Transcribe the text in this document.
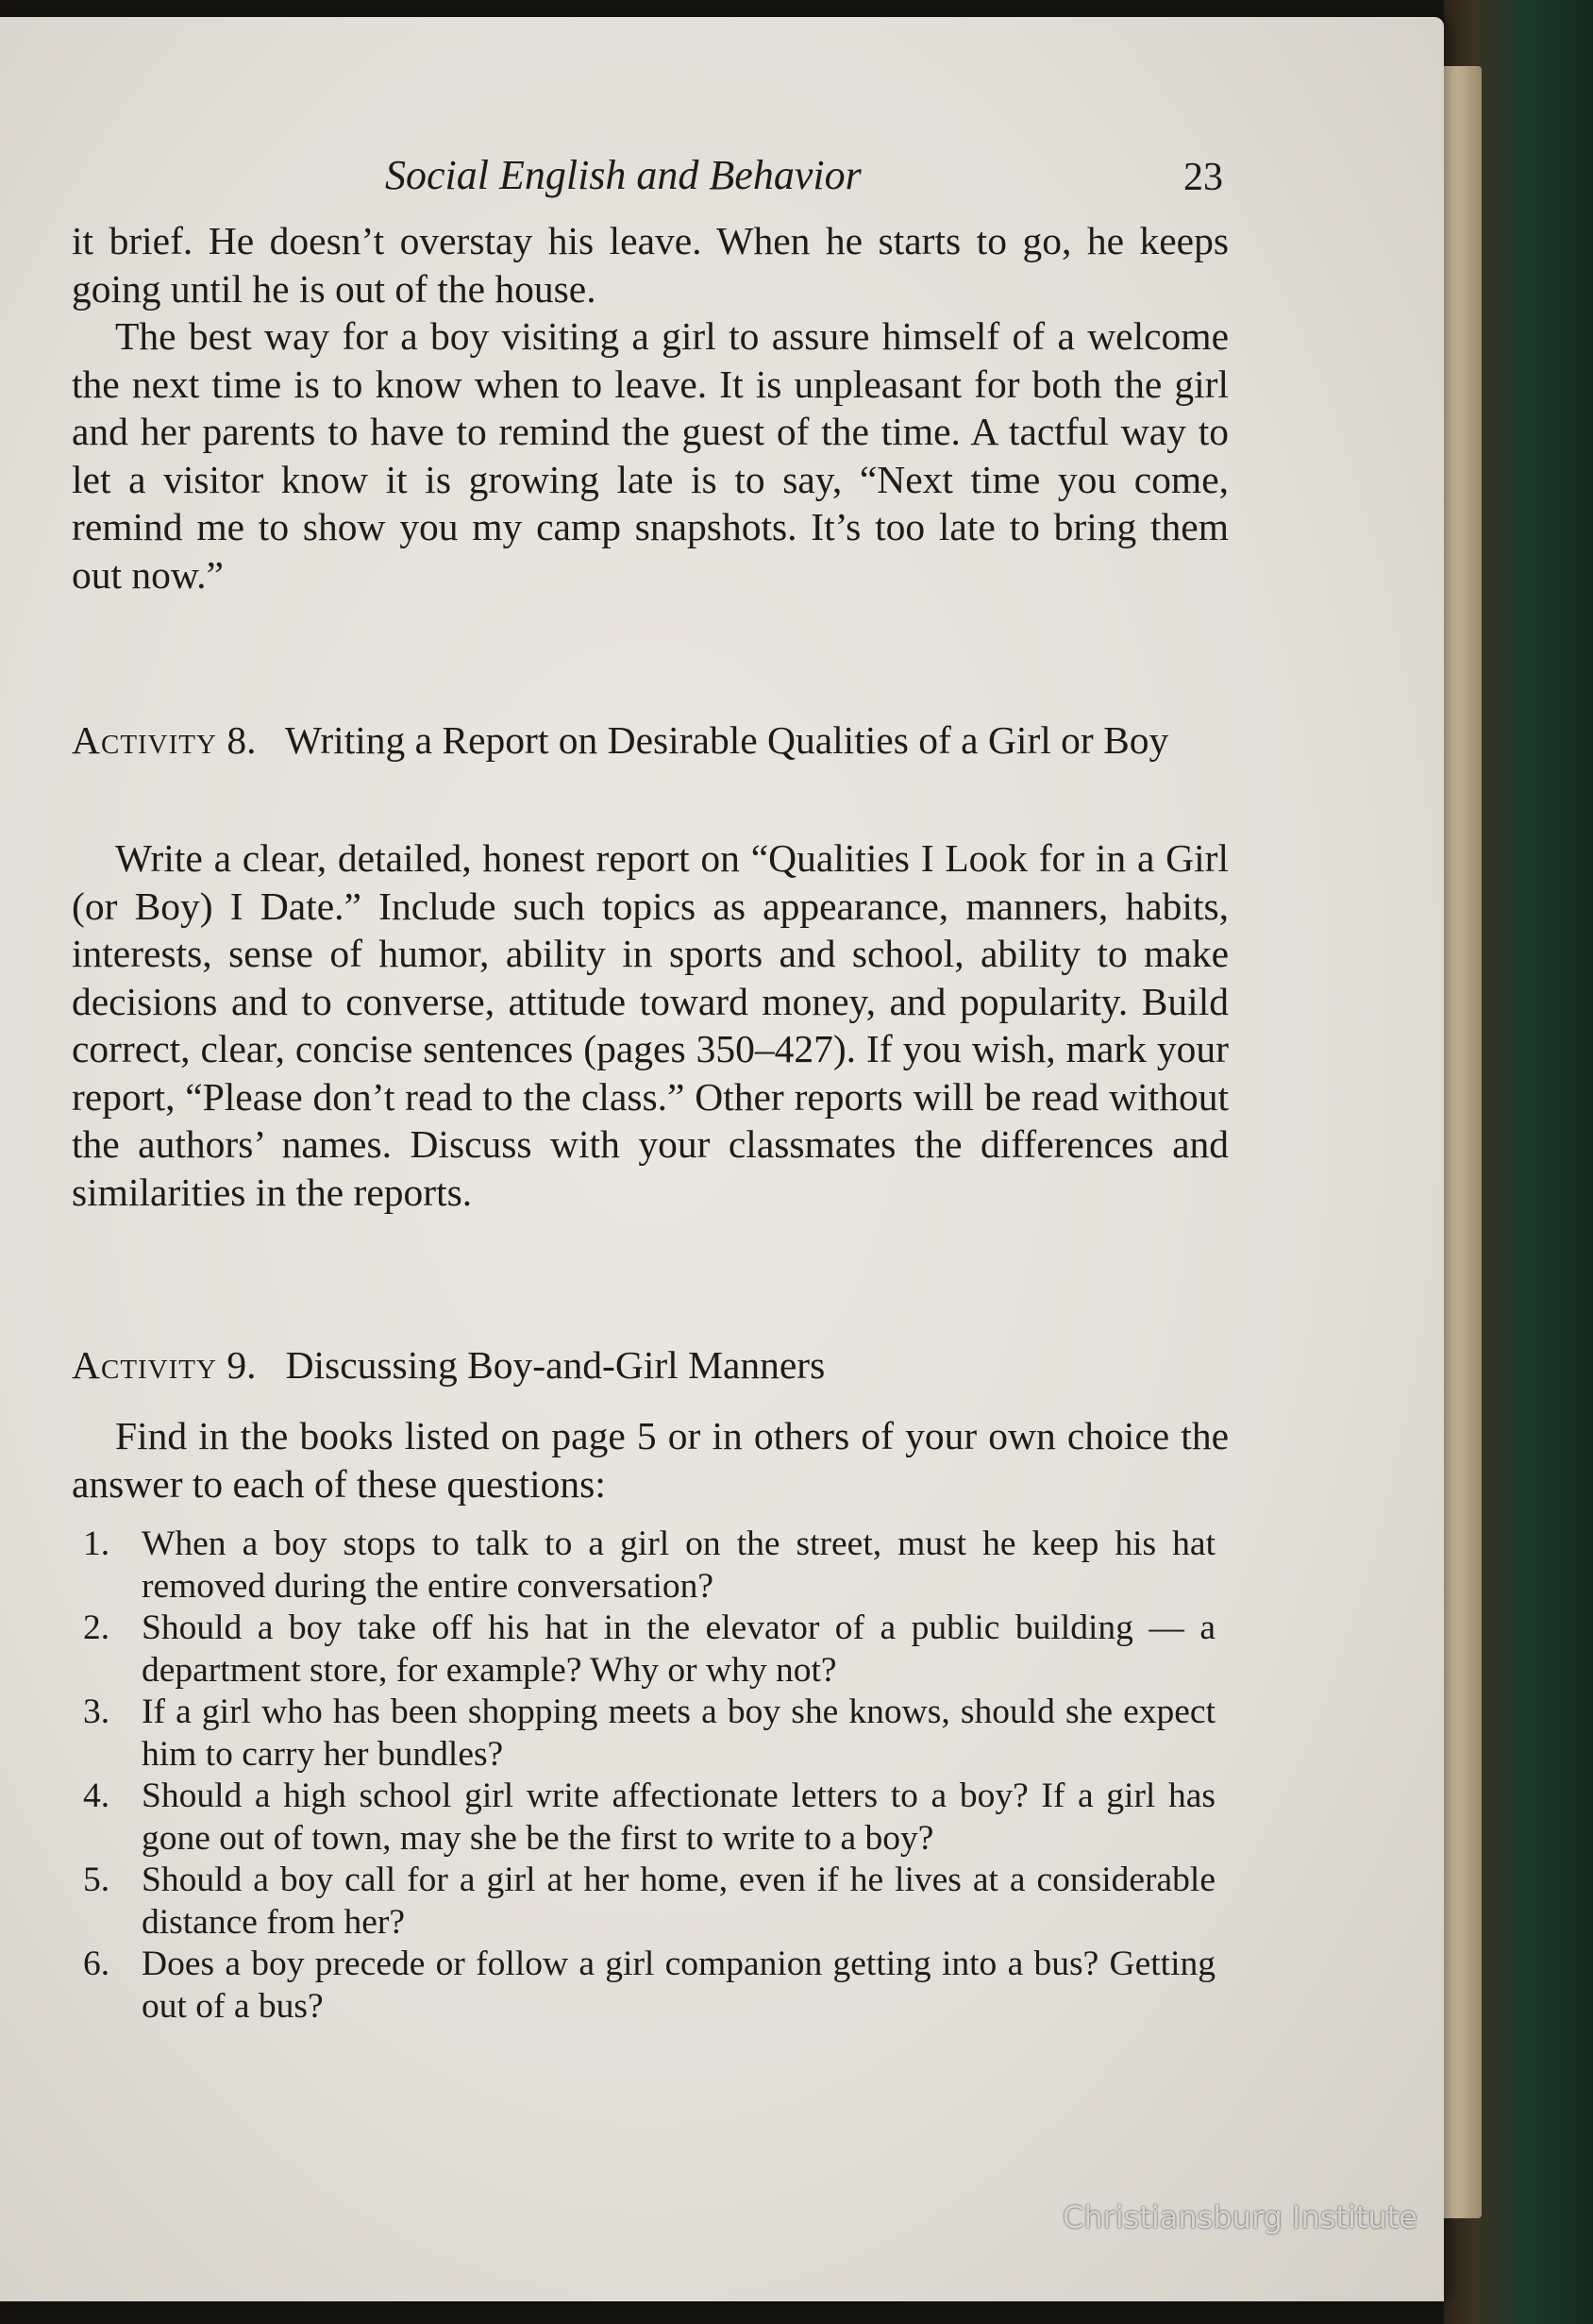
Social English and Behavior	23

it brief. He doesn’t overstay his leave. When he starts to go, he keeps going until he is out of the house.

The best way for a boy visiting a girl to assure himself of a welcome the next time is to know when to leave. It is unpleasant for both the girl and her parents to have to remind the guest of the time. A tactful way to let a visitor know it is growing late is to say, “Next time you come, remind me to show you my camp snapshots. It’s too late to bring them out now.”

Activity 8. Writing a Report on Desirable Qualities of a Girl or Boy

Write a clear, detailed, honest report on “Qualities I Look for in a Girl (or Boy) I Date.” Include such topics as appearance, manners, habits, interests, sense of humor, ability in sports and school, ability to make decisions and to converse, attitude toward money, and popularity. Build correct, clear, concise sentences (pages 350–427). If you wish, mark your report, “Please don’t read to the class.” Other reports will be read without the authors’ names. Discuss with your classmates the differences and similarities in the reports.

Activity 9. Discussing Boy-and-Girl Manners

Find in the books listed on page 5 or in others of your own choice the answer to each of these questions:

1. When a boy stops to talk to a girl on the street, must he keep his hat removed during the entire conversation?
2. Should a boy take off his hat in the elevator of a public building — a department store, for example? Why or why not?
3. If a girl who has been shopping meets a boy she knows, should she expect him to carry her bundles?
4. Should a high school girl write affectionate letters to a boy? If a girl has gone out of town, may she be the first to write to a boy?
5. Should a boy call for a girl at her home, even if he lives at a considerable distance from her?
6. Does a boy precede or follow a girl companion getting into a bus? Getting out of a bus?
Christiansburg Institute
